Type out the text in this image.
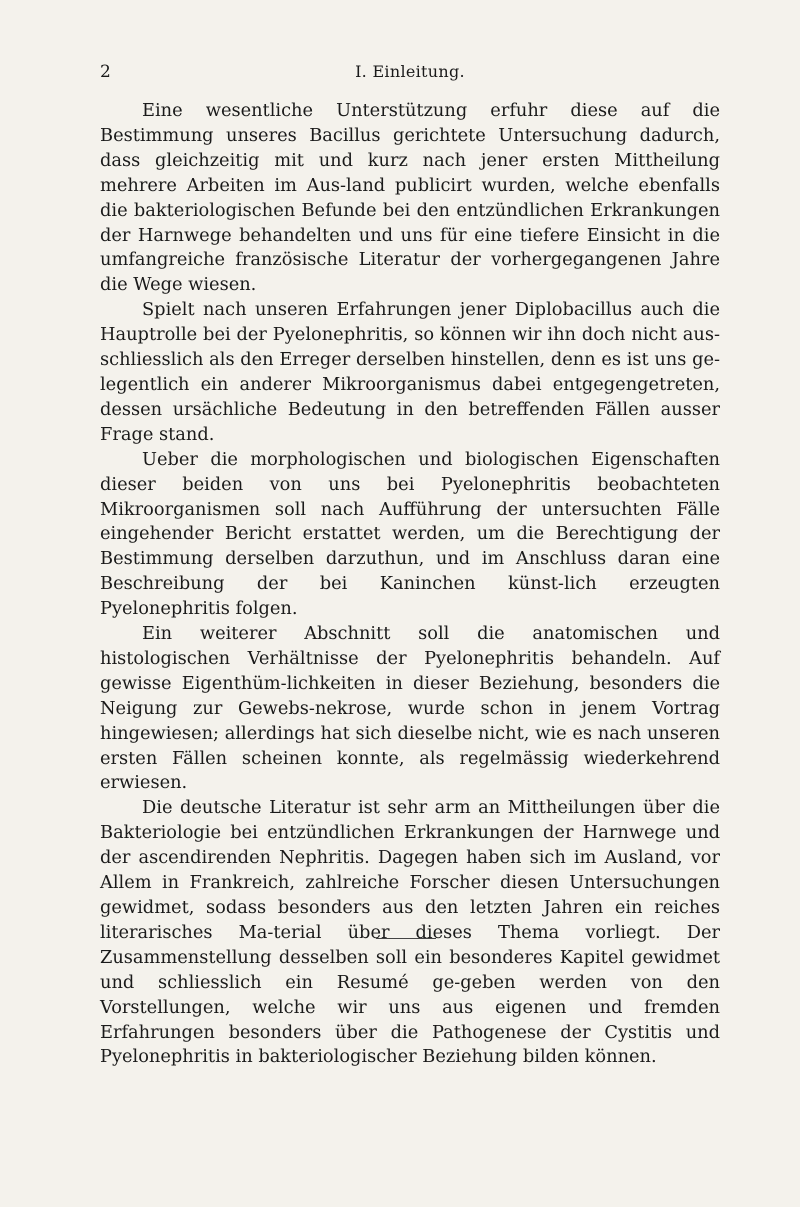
2	I. Einleitung.

Eine wesentliche Unterstützung erfuhr diese auf die Bestimmung unseres Bacillus gerichtete Untersuchung dadurch, dass gleichzeitig mit und kurz nach jener ersten Mittheilung mehrere Arbeiten im Aus-land publicirt wurden, welche ebenfalls die bakteriologischen Befunde bei den entzündlichen Erkrankungen der Harnwege behandelten und uns für eine tiefere Einsicht in die umfangreiche französische Literatur der vorhergegangenen Jahre die Wege wiesen.

Spielt nach unseren Erfahrungen jener Diplobacillus auch die Hauptrolle bei der Pyelonephritis, so können wir ihn doch nicht aus-schliesslich als den Erreger derselben hinstellen, denn es ist uns ge-legentlich ein anderer Mikroorganismus dabei entgegengetreten, dessen ursächliche Bedeutung in den betreffenden Fällen ausser Frage stand.

Ueber die morphologischen und biologischen Eigenschaften dieser beiden von uns bei Pyelonephritis beobachteten Mikroorganismen soll nach Aufführung der untersuchten Fälle eingehender Bericht erstattet werden, um die Berechtigung der Bestimmung derselben darzuthun, und im Anschluss daran eine Beschreibung der bei Kaninchen künst-lich erzeugten Pyelonephritis folgen.

Ein weiterer Abschnitt soll die anatomischen und histologischen Verhältnisse der Pyelonephritis behandeln. Auf gewisse Eigenthüm-lichkeiten in dieser Beziehung, besonders die Neigung zur Gewebs-nekrose, wurde schon in jenem Vortrag hingewiesen; allerdings hat sich dieselbe nicht, wie es nach unseren ersten Fällen scheinen konnte, als regelmässig wiederkehrend erwiesen.

Die deutsche Literatur ist sehr arm an Mittheilungen über die Bakteriologie bei entzündlichen Erkrankungen der Harnwege und der ascendirenden Nephritis. Dagegen haben sich im Ausland, vor Allem in Frankreich, zahlreiche Forscher diesen Untersuchungen gewidmet, sodass besonders aus den letzten Jahren ein reiches literarisches Ma-terial über dieses Thema vorliegt. Der Zusammenstellung desselben soll ein besonderes Kapitel gewidmet und schliesslich ein Resumé ge-geben werden von den Vorstellungen, welche wir uns aus eigenen und fremden Erfahrungen besonders über die Pathogenese der Cystitis und Pyelonephritis in bakteriologischer Beziehung bilden können.
